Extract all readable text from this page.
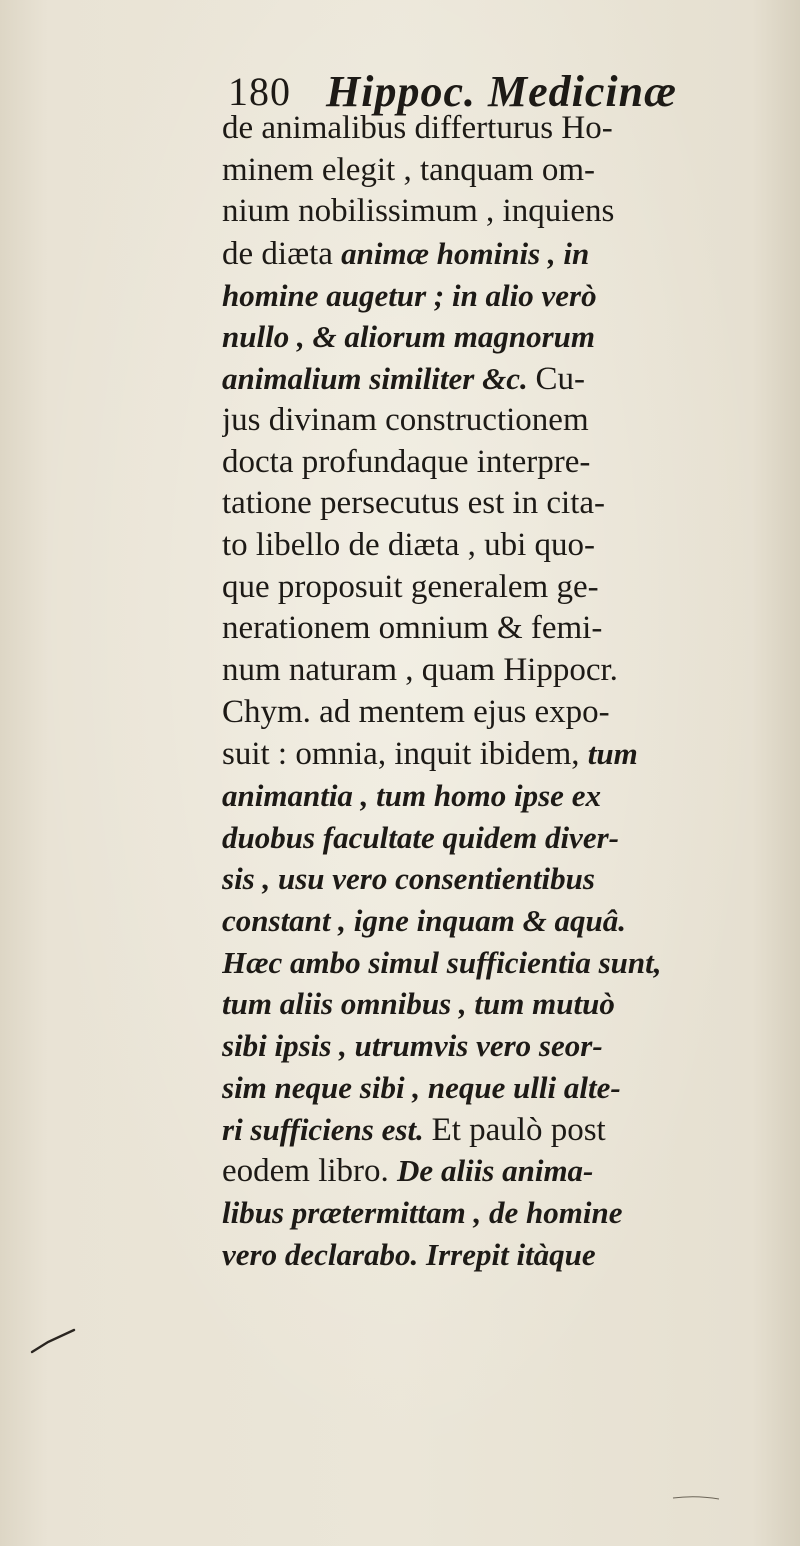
180 Hippoc. Medicinæ
de animalibus differturus Ho-
minem elegit , tanquam om-
nium nobilissimum , inquiens
de diæta animæ hominis , in
homine augetur ; in alio verò
nullo , & aliorum magnorum
animalium similiter &c. Cu-
jus divinam constructionem
docta profundaque interpre-
tatione persecutus est in cita-
to libello de diæta , ubi quo-
que proposuit generalem ge-
nerationem omnium & femi-
num naturam , quam Hippocr.
Chym. ad mentem ejus expo-
suit : omnia, inquit ibidem, tum
animantia , tum homo ipse ex
duobus facultate quidem diver-
sis , usu vero consentientibus
constant , igne inquam & aquâ.
Hæc ambo simul sufficientia sunt,
tum aliis omnibus , tum mutuò
sibi ipsis , utrumvis vero seor-
sim neque sibi , neque ulli alte-
ri sufficiens est. Et paulò post
eodem libro. De aliis anima-
libus prætermittam , de homine
vero declarabo. Irrepit itàque
